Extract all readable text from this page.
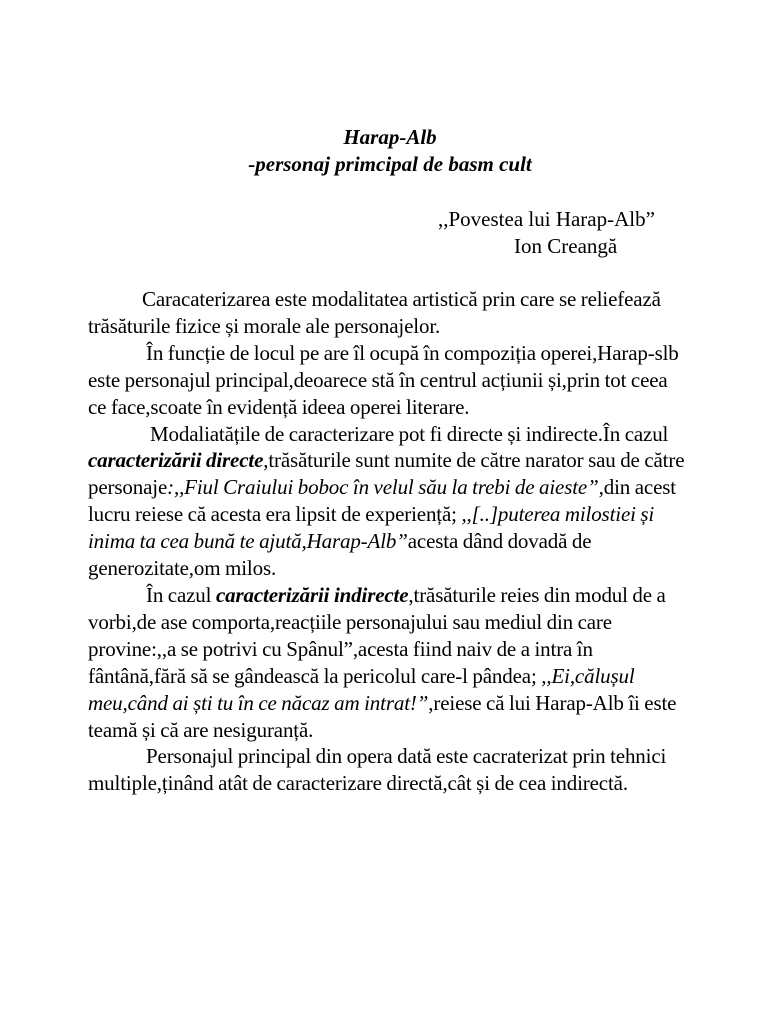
Harap-Alb
-personaj primcipal de basm cult
,,Povestea lui Harap-Alb”
Ion Creangă

Caracaterizarea este modalitatea artistică prin care se reliefează trăsăturile fizice și morale ale personajelor.

În funcție de locul pe are îl ocupă în compoziția operei,Harap-slb este personajul principal,deoarece stă în centrul acțiunii și,prin tot ceea ce face,scoate în evidență ideea operei literare.

Modaliatățile de caracterizare pot fi directe și indirecte.În cazul caracterizării directe,trăsăturile sunt numite de către narator sau de către personaje:,,Fiul Craiului boboc în velul său la trebi de aieste”,din acest lucru reiese că acesta era lipsit de experiență; ,,[..]puterea milostiei și inima ta cea bună te ajută,Harap-Alb”acesta dând dovadă de generozitate,om milos.

În cazul caracterizării indirecte,trăsăturile reies din modul de a vorbi,de ase comporta,reacțiile personajului sau mediul din care provine:,,a se potrivi cu Spânul”,acesta fiind naiv de a intra în fântână,fără să se gândească la pericolul care-l pândea; ,,Ei,călușul meu,când ai ști tu în ce năcaz am intrat!”,reiese că lui Harap-Alb îi este teamă și că are nesiguranță.

Personajul principal din opera dată este cacraterizat prin tehnici multiple,ținând atât de caracterizare directă,cât și de cea indirectă.
